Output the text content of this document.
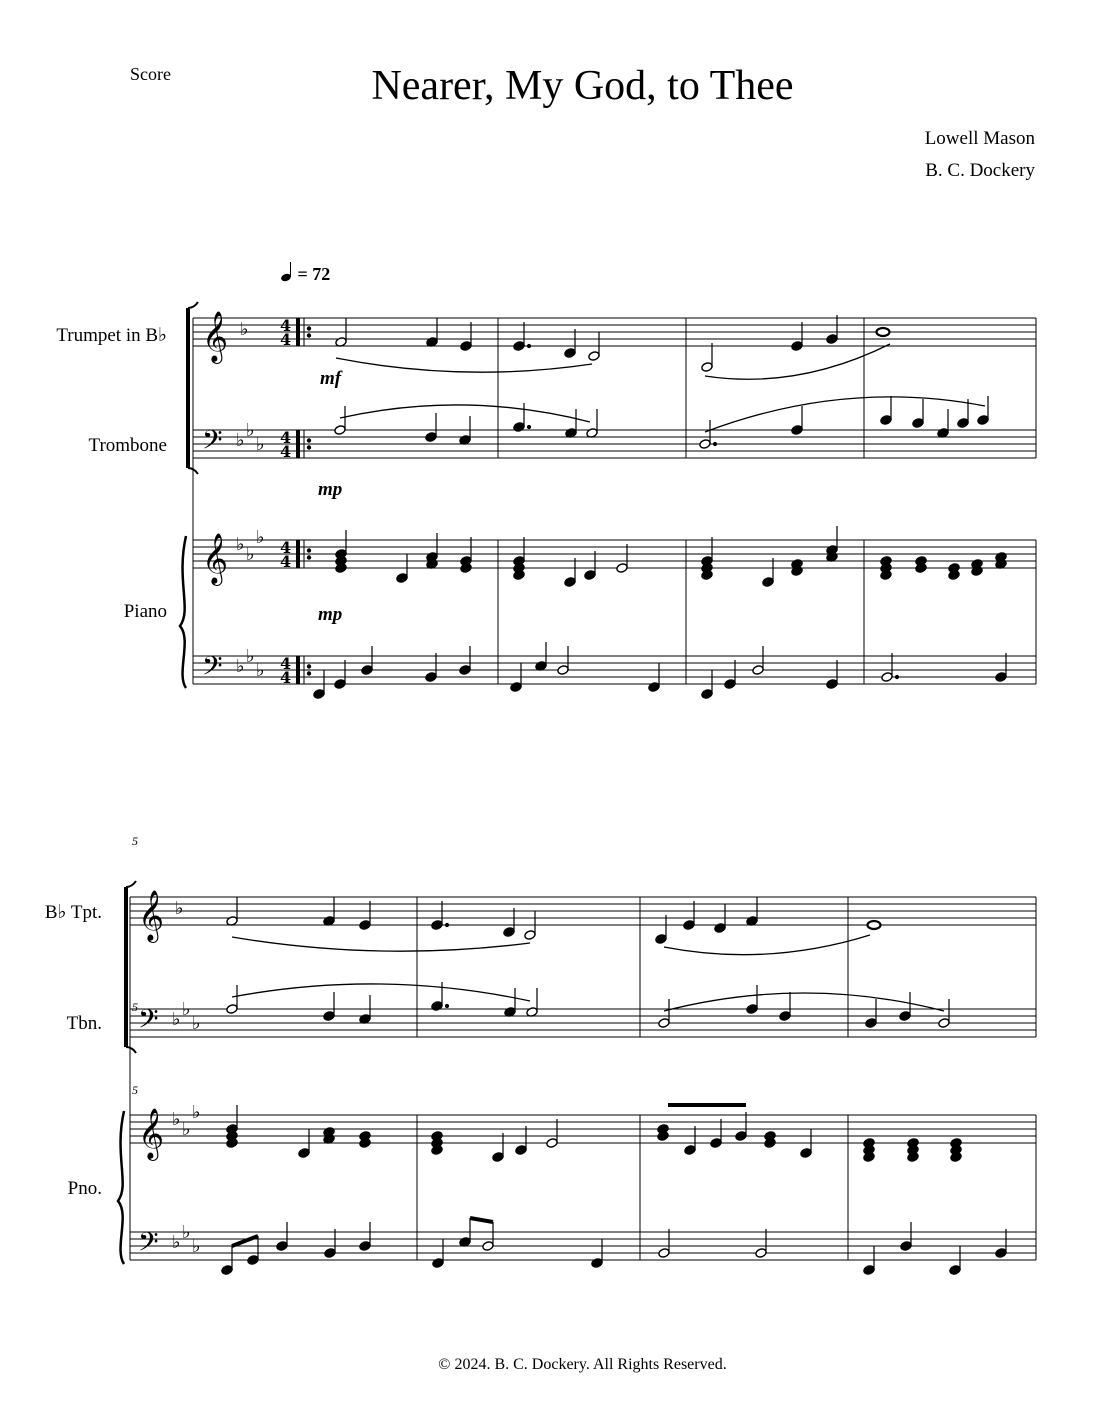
Score	Nearer, My God, to Thee
Lowell Mason
B. C. Dockery
= 72
Trumpet in B♭
Trombone
Piano
mf
mp
mp
B♭ Tpt.
Tbn.
Pno.
5
5
5
𝄞 ♭
𝄢 ♭ ♭
♭
𝄞 ♭ ♭
♭
𝄢 ♭ ♭
♭
4
4
4
4
4
4
4
4
𝄞 ♭
𝄢 ♭ ♭
♭
𝄞 ♭ ♭
♭
𝄢 ♭ ♭
♭
© 2024. B. C. Dockery. All Rights Reserved.
